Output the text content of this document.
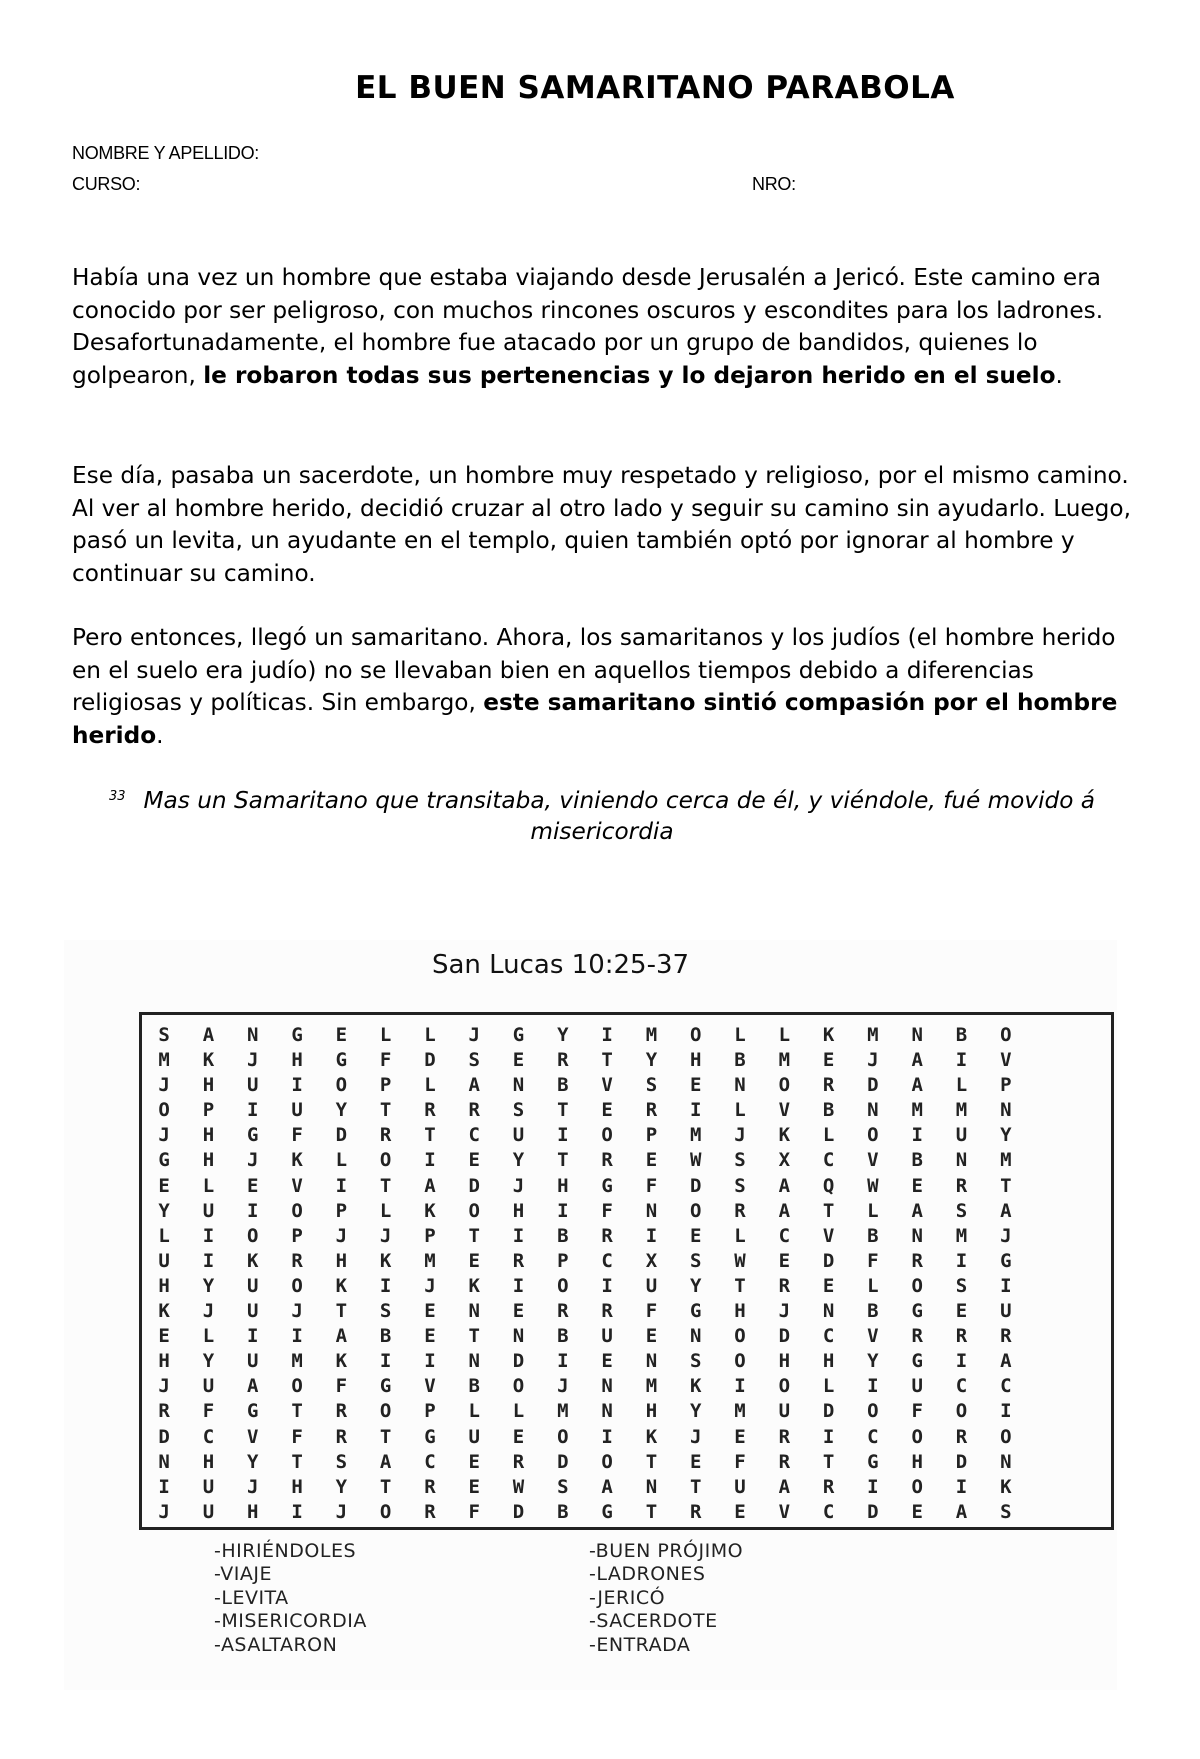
EL BUEN SAMARITANO PARABOLA
NOMBRE Y APELLIDO:
CURSO:	NRO:

Había una vez un hombre que estaba viajando desde Jerusalén a Jericó. Este camino era conocido por ser peligroso, con muchos rincones oscuros y escondites para los ladrones. Desafortunadamente, el hombre fue atacado por un grupo de bandidos, quienes lo golpearon, le robaron todas sus pertenencias y lo dejaron herido en el suelo.

Ese día, pasaba un sacerdote, un hombre muy respetado y religioso, por el mismo camino. Al ver al hombre herido, decidió cruzar al otro lado y seguir su camino sin ayudarlo. Luego, pasó un levita, un ayudante en el templo, quien también optó por ignorar al hombre y continuar su camino.

Pero entonces, llegó un samaritano. Ahora, los samaritanos y los judíos (el hombre herido en el suelo era judío) no se llevaban bien en aquellos tiempos debido a diferencias religiosas y políticas. Sin embargo, este samaritano sintió compasión por el hombre herido.

$^{33}$ Mas un Samaritano que transitaba, viniendo cerca de él, y viéndole, fué movido á misericordia
San Lucas 10:25-37
S	A	N	G	E	L	L	J	G	Y	I	M	O	L	L	K	M	N	B	O
M	K	J	H	G	F	D	S	E	R	T	Y	H	B	M	E	J	A	I	V
J	H	U	I	O	P	L	A	N	B	V	S	E	N	O	R	D	A	L	P
O	P	I	U	Y	T	R	R	S	T	E	R	I	L	V	B	N	M	M	N
J	H	G	F	D	R	T	C	U	I	O	P	M	J	K	L	O	I	U	Y
G	H	J	K	L	O	I	E	Y	T	R	E	W	S	X	C	V	B	N	M
E	L	E	V	I	T	A	D	J	H	G	F	D	S	A	Q	W	E	R	T
Y	U	I	O	P	L	K	O	H	I	F	N	O	R	A	T	L	A	S	A
L	I	O	P	J	J	P	T	I	B	R	I	E	L	C	V	B	N	M	J
U	I	K	R	H	K	M	E	R	P	C	X	S	W	E	D	F	R	I	G
H	Y	U	O	K	I	J	K	I	O	I	U	Y	T	R	E	L	O	S	I
K	J	U	J	T	S	E	N	E	R	R	F	G	H	J	N	B	G	E	U
E	L	I	I	A	B	E	T	N	B	U	E	N	O	D	C	V	R	R	R
H	Y	U	M	K	I	I	N	D	I	E	N	S	O	H	H	Y	G	I	A
J	U	A	O	F	G	V	B	O	J	N	M	K	I	O	L	I	U	C	C
R	F	G	T	R	O	P	L	L	M	N	H	Y	M	U	D	O	F	O	I
D	C	V	F	R	T	G	U	E	O	I	K	J	E	R	I	C	O	R	O
N	H	Y	T	S	A	C	E	R	D	O	T	E	F	R	T	G	H	D	N
I	U	J	H	Y	T	R	E	W	S	A	N	T	U	A	R	I	O	I	K
J	U	H	I	J	O	R	F	D	B	G	T	R	E	V	C	D	E	A	S
-HIRIÉNDOLES
-VIAJE
-LEVITA
-MISERICORDIA
-ASALTARON
-BUEN PRÓJIMO
-LADRONES
-JERICÓ
-SACERDOTE
-ENTRADA
